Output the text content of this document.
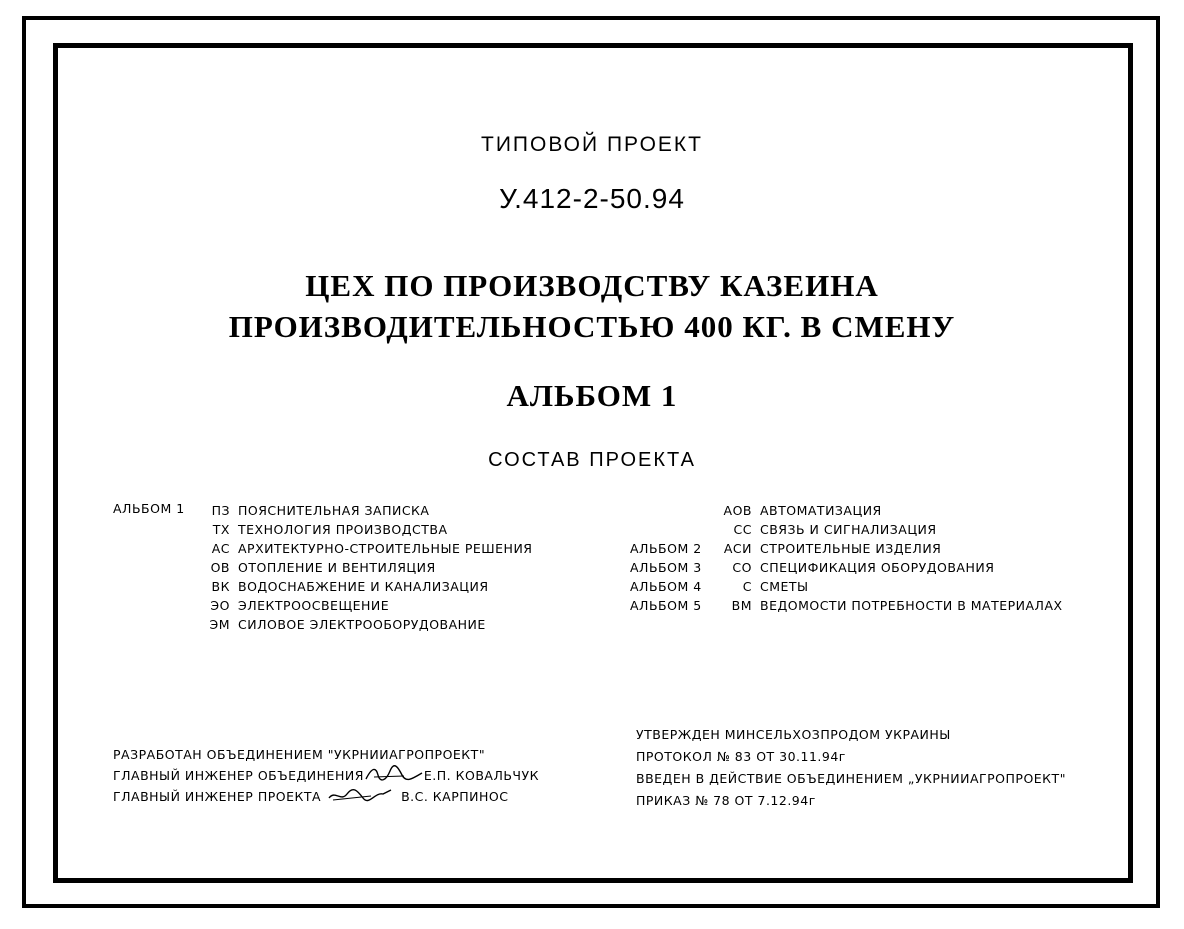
ТИПОВОЙ ПРОЕКТ
У.412-2-50.94
ЦЕХ ПО ПРОИЗВОДСТВУ КАЗЕИНА
ПРОИЗВОДИТЕЛЬНОСТЬЮ 400 КГ. В СМЕНУ
АЛЬБОМ 1
СОСТАВ ПРОЕКТА
АЛЬБОМ 1	ПЗ ПОЯСНИТЕЛЬНАЯ ЗАПИСКА
ТХ ТЕХНОЛОГИЯ ПРОИЗВОДСТВА
АС АРХИТЕКТУРНО-СТРОИТЕЛЬНЫЕ РЕШЕНИЯ
ОВ ОТОПЛЕНИЕ И ВЕНТИЛЯЦИЯ
ВК ВОДОСНАБЖЕНИЕ И КАНАЛИЗАЦИЯ
ЭО ЭЛЕКТРООСВЕЩЕНИЕ
ЭМ СИЛОВОЕ ЭЛЕКТРООБОРУДОВАНИЕ
АОВ АВТОМАТИЗАЦИЯ
СС СВЯЗЬ И СИГНАЛИЗАЦИЯ
АЛЬБОМ 2	АСИ СТРОИТЕЛЬНЫЕ ИЗДЕЛИЯ
АЛЬБОМ 3	СО СПЕЦИФИКАЦИЯ ОБОРУДОВАНИЯ
АЛЬБОМ 4	С СМЕТЫ
АЛЬБОМ 5	ВМ ВЕДОМОСТИ ПОТРЕБНОСТИ В МАТЕРИАЛАХ
РАЗРАБОТАН ОБЪЕДИНЕНИЕМ "УКРНИИАГРОПРОЕКТ"
ГЛАВНЫЙ ИНЖЕНЕР ОБЪЕДИНЕНИЯ	Е.П. КОВАЛЬЧУК
ГЛАВНЫЙ ИНЖЕНЕР ПРОЕКТА	В.С. КАРПИНОС
УТВЕРЖДЕН МИНСЕЛЬХОЗПРОДОМ УКРАИНЫ
ПРОТОКОЛ № 83 ОТ 30.11.94г
ВВЕДЕН В ДЕЙСТВИЕ ОБЪЕДИНЕНИЕМ „УКРНИИАГРОПРОЕКТ"
ПРИКАЗ № 78 ОТ 7.12.94г
